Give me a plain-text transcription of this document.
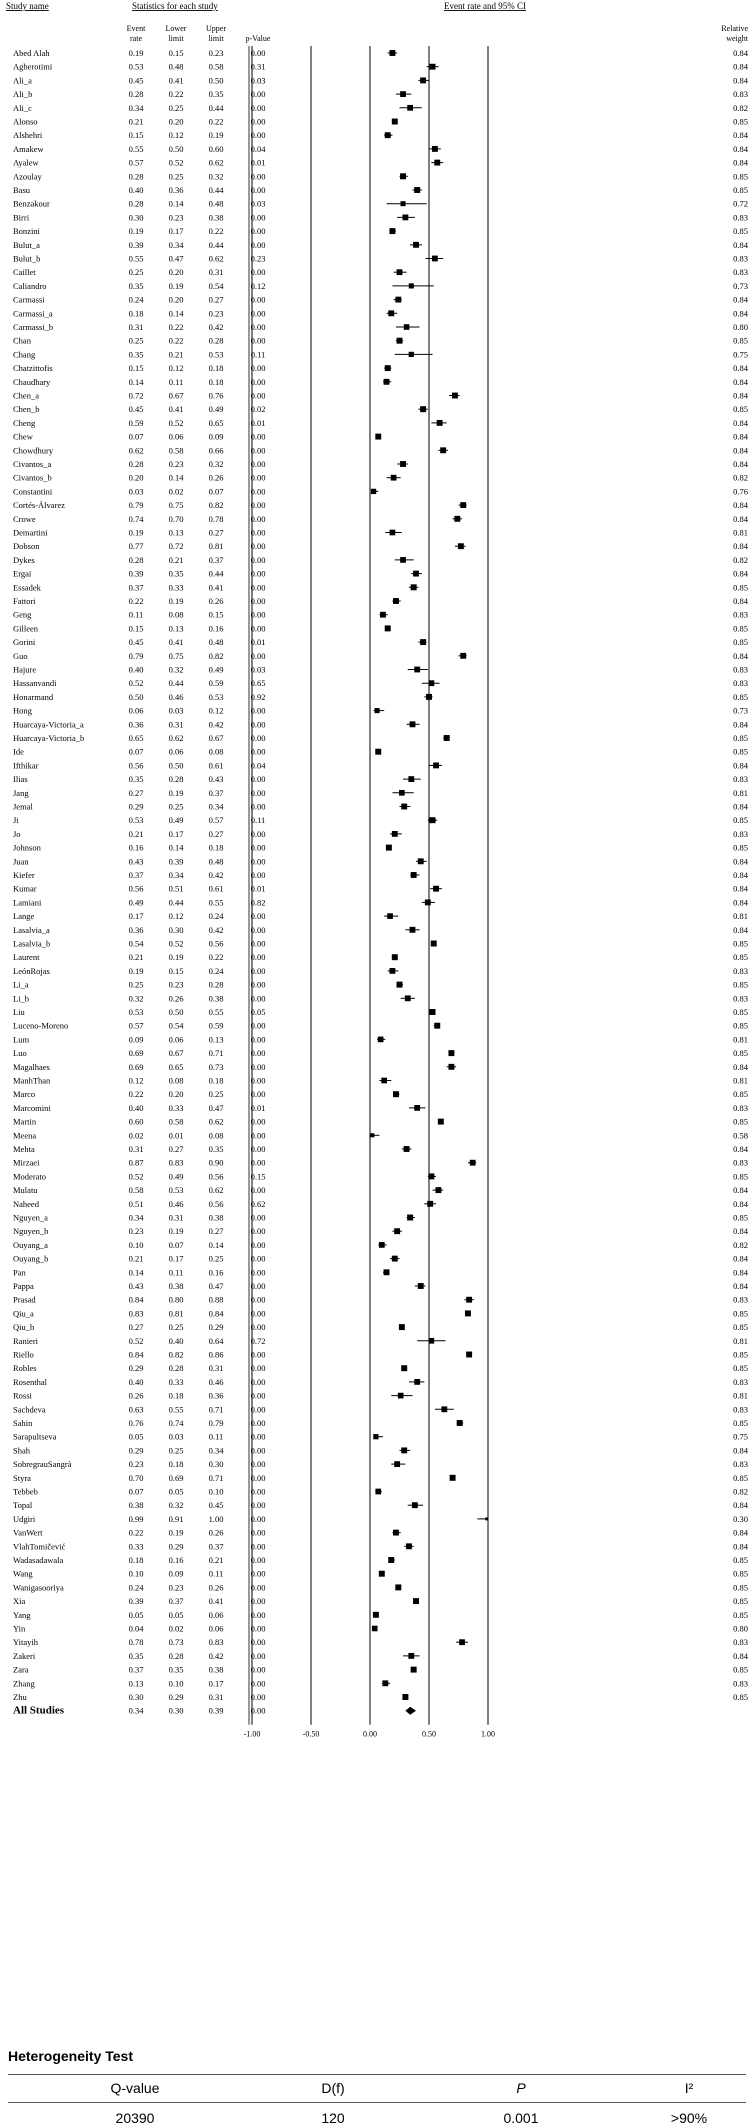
Study name	Statistics for each study	Event rate and 95% CI
Event
rate
Lower
limit
Upper
limit	p-Value
Relative
weight
Abed Alah	0.19	0.15	0.23	0.00	0.84
Agberotimi	0.53	0.48	0.58	0.31	0.84
Ali_a	0.45	0.41	0.50	0.03	0.84
Ali_b	0.28	0.22	0.35	0.00	0.83
Ali_c	0.34	0.25	0.44	0.00	0.82
Alonso	0.21	0.20	0.22	0.00	0.85
Alshehri	0.15	0.12	0.19	0.00	0.84
Amakew	0.55	0.50	0.60	0.04	0.84
Ayalew	0.57	0.52	0.62	0.01	0.84
Azoulay	0.28	0.25	0.32	0.00	0.85
Basu	0.40	0.36	0.44	0.00	0.85
Benzakour	0.28	0.14	0.48	0.03	0.72
Birri	0.30	0.23	0.38	0.00	0.83
Bonzini	0.19	0.17	0.22	0.00	0.85
Bulut_a	0.39	0.34	0.44	0.00	0.84
Bulut_b	0.55	0.47	0.62	0.23	0.83
Caillet	0.25	0.20	0.31	0.00	0.83
Caliandro	0.35	0.19	0.54	0.12	0.73
Carmassi	0.24	0.20	0.27	0.00	0.84
Carmassi_a	0.18	0.14	0.23	0.00	0.84
Carmassi_b	0.31	0.22	0.42	0.00	0.80
Chan	0.25	0.22	0.28	0.00	0.85
Chang	0.35	0.21	0.53	0.11	0.75
Chatzittofis	0.15	0.12	0.18	0.00	0.84
Chaudhary	0.14	0.11	0.18	0.00	0.84
Chen_a	0.72	0.67	0.76	0.00	0.84
Chen_b	0.45	0.41	0.49	0.02	0.85
Cheng	0.59	0.52	0.65	0.01	0.84
Chew	0.07	0.06	0.09	0.00	0.84
Chowdhury	0.62	0.58	0.66	0.00	0.84
Civantos_a	0.28	0.23	0.32	0.00	0.84
Civantos_b	0.20	0.14	0.26	0.00	0.82
Constantini	0.03	0.02	0.07	0.00	0.76
Cortés-Álvarez	0.79	0.75	0.82	0.00	0.84
Crowe	0.74	0.70	0.78	0.00	0.84
Demartini	0.19	0.13	0.27	0.00	0.81
Dobson	0.77	0.72	0.81	0.00	0.84
Dykes	0.28	0.21	0.37	0.00	0.82
Ergai	0.39	0.35	0.44	0.00	0.84
Essadek	0.37	0.33	0.41	0.00	0.85
Fattori	0.22	0.19	0.26	0.00	0.84
Geng	0.11	0.08	0.15	0.00	0.83
Gilleen	0.15	0.13	0.16	0.00	0.85
Gorini	0.45	0.41	0.48	0.01	0.85
Guo	0.79	0.75	0.82	0.00	0.84
Hajure	0.40	0.32	0.49	0.03	0.83
Hassanvandi	0.52	0.44	0.59	0.65	0.83
Honarmand	0.50	0.46	0.53	0.92	0.85
Hong	0.06	0.03	0.12	0.00	0.73
Huarcaya-Victoria_a	0.36	0.31	0.42	0.00	0.84
Huarcaya-Victoria_b	0.65	0.62	0.67	0.00	0.85
Ide	0.07	0.06	0.08	0.00	0.85
Ifthikar	0.56	0.50	0.61	0.04	0.84
Ilias	0.35	0.28	0.43	0.00	0.83
Jang	0.27	0.19	0.37	0.00	0.81
Jemal	0.29	0.25	0.34	0.00	0.84
Ji	0.53	0.49	0.57	0.11	0.85
Jo	0.21	0.17	0.27	0.00	0.83
Johnson	0.16	0.14	0.18	0.00	0.85
Juan	0.43	0.39	0.48	0.00	0.84
Kiefer	0.37	0.34	0.42	0.00	0.84
Kumar	0.56	0.51	0.61	0.01	0.84
Lamiani	0.49	0.44	0.55	0.82	0.84
Lange	0.17	0.12	0.24	0.00	0.81
Lasalvia_a	0.36	0.30	0.42	0.00	0.84
Lasalvia_b	0.54	0.52	0.56	0.00	0.85
Laurent	0.21	0.19	0.22	0.00	0.85
LeónRojas	0.19	0.15	0.24	0.00	0.83
Li_a	0.25	0.23	0.28	0.00	0.85
Li_b	0.32	0.26	0.38	0.00	0.83
Liu	0.53	0.50	0.55	0.05	0.85
Luceno-Moreno	0.57	0.54	0.59	0.00	0.85
Lum	0.09	0.06	0.13	0.00	0.81
Luo	0.69	0.67	0.71	0.00	0.85
Magalhaes	0.69	0.65	0.73	0.00	0.84
ManhThan	0.12	0.08	0.18	0.00	0.81
Marco	0.22	0.20	0.25	0.00	0.85
Marcomini	0.40	0.33	0.47	0.01	0.83
Martin	0.60	0.58	0.62	0.00	0.85
Meena	0.02	0.01	0.08	0.00	0.58
Mehta	0.31	0.27	0.35	0.00	0.84
Mirzaei	0.87	0.83	0.90	0.00	0.83
Moderato	0.52	0.49	0.56	0.15	0.85
Mulatu	0.58	0.53	0.62	0.00	0.84
Naheed	0.51	0.46	0.56	0.62	0.84
Nguyen_a	0.34	0.31	0.38	0.00	0.85
Nguyen_b	0.23	0.19	0.27	0.00	0.84
Ouyang_a	0.10	0.07	0.14	0.00	0.82
Ouyang_b	0.21	0.17	0.25	0.00	0.84
Pan	0.14	0.11	0.16	0.00	0.84
Pappa	0.43	0.38	0.47	0.00	0.84
Prasad	0.84	0.80	0.88	0.00	0.83
Qiu_a	0.83	0.81	0.84	0.00	0.85
Qiu_b	0.27	0.25	0.29	0.00	0.85
Ranieri	0.52	0.40	0.64	0.72	0.81
Riello	0.84	0.82	0.86	0.00	0.85
Robles	0.29	0.28	0.31	0.00	0.85
Rosenthal	0.40	0.33	0.46	0.00	0.83
Rossi	0.26	0.18	0.36	0.00	0.81
Sachdeva	0.63	0.55	0.71	0.00	0.83
Sahin	0.76	0.74	0.79	0.00	0.85
Sarapultseva	0.05	0.03	0.11	0.00	0.75
Shah	0.29	0.25	0.34	0.00	0.84
SobregrauSangrà	0.23	0.18	0.30	0.00	0.83
Styra	0.70	0.69	0.71	0.00	0.85
Tebbeb	0.07	0.05	0.10	0.00	0.82
Topal	0.38	0.32	0.45	0.00	0.84
Udgiri	0.99	0.91	1.00	0.00	0.30
VanWert	0.22	0.19	0.26	0.00	0.84
VlahTomičević	0.33	0.29	0.37	0.00	0.84
Wadasadawala	0.18	0.16	0.21	0.00	0.85
Wang	0.10	0.09	0.11	0.00	0.85
Wanigasooriya	0.24	0.23	0.26	0.00	0.85
Xia	0.39	0.37	0.41	0.00	0.85
Yang	0.05	0.05	0.06	0.00	0.85
Yin	0.04	0.02	0.06	0.00	0.80
Yitayih	0.78	0.73	0.83	0.00	0.83
Zakeri	0.35	0.28	0.42	0.00	0.84
Zara	0.37	0.35	0.38	0.00	0.85
Zhang	0.13	0.10	0.17	0.00	0.83
Zhu	0.30	0.29	0.31	0.00	0.85
All Studies	0.34	0.30	0.39	0.00
-1.00	-0.50	0.00	0.50	1.00
Heterogeneity Test
Q-value	D(f)	P	I²
20390	120	0.001	>90%
